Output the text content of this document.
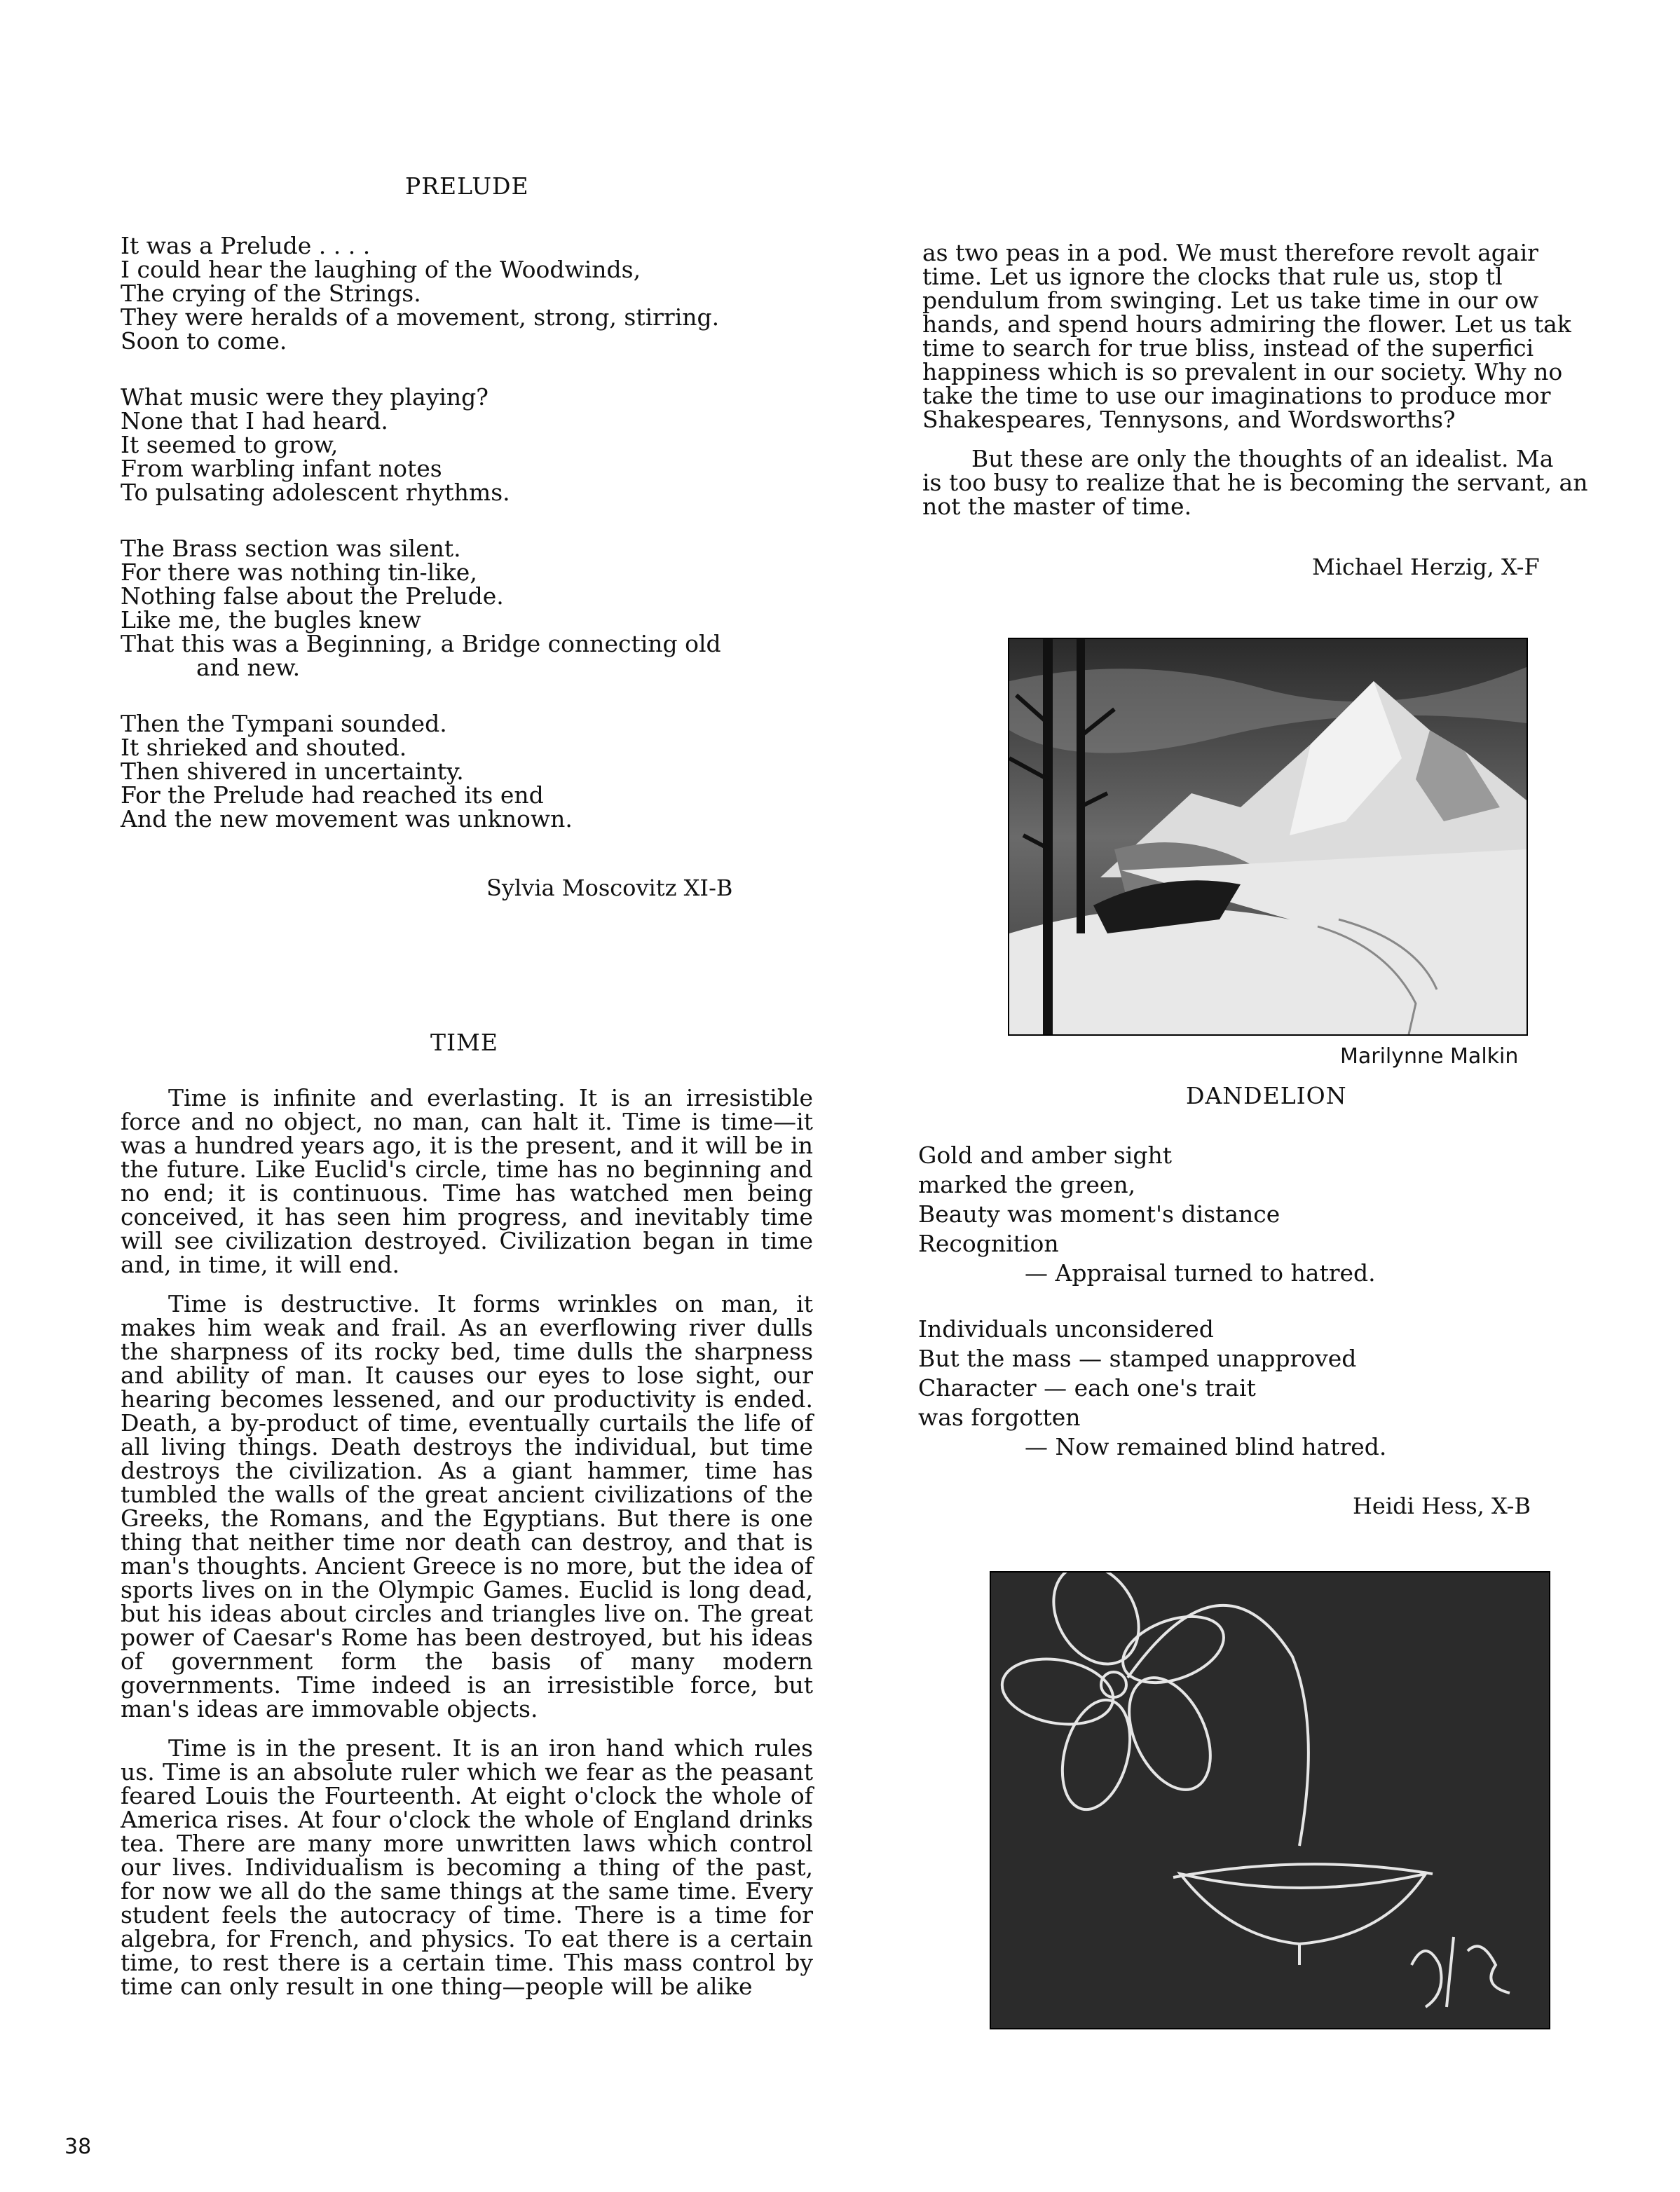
PRELUDE
It was a Prelude . . . .
I could hear the laughing of the Woodwinds,
The crying of the Strings.
They were heralds of a movement, strong, stirring.
Soon to come.
What music were they playing?
None that I had heard.
It seemed to grow,
From warbling infant notes
To pulsating adolescent rhythms.
The Brass section was silent.
For there was nothing tin-like,
Nothing false about the Prelude.
Like me, the bugles knew
That this was a Beginning, a Bridge connecting old
and new.
Then the Tympani sounded.
It shrieked and shouted.
Then shivered in uncertainty.
For the Prelude had reached its end
And the new movement was unknown.
Sylvia Moscovitz XI-B
TIME

Time is infinite and everlasting. It is an irresistible force and no object, no man, can halt it. Time is time—it was a hundred years ago, it is the present, and it will be in the future. Like Euclid's circle, time has no beginning and no end; it is continuous. Time has watched men being conceived, it has seen him progress, and inevitably time will see civilization destroyed. Civilization began in time and, in time, it will end.

Time is destructive. It forms wrinkles on man, it makes him weak and frail. As an everflowing river dulls the sharpness of its rocky bed, time dulls the sharpness and ability of man. It causes our eyes to lose sight, our hearing becomes lessened, and our productivity is ended. Death, a by-product of time, eventually curtails the life of all living things. Death destroys the individual, but time destroys the civilization. As a giant hammer, time has tumbled the walls of the great ancient civilizations of the Greeks, the Romans, and the Egyptians. But there is one thing that neither time nor death can destroy, and that is man's thoughts. Ancient Greece is no more, but the idea of sports lives on in the Olympic Games. Euclid is long dead, but his ideas about circles and triangles live on. The great power of Caesar's Rome has been destroyed, but his ideas of government form the basis of many modern governments. Time indeed is an irresistible force, but man's ideas are immovable objects.

Time is in the present. It is an iron hand which rules us. Time is an absolute ruler which we fear as the peasant feared Louis the Fourteenth. At eight o'clock the whole of America rises. At four o'clock the whole of England drinks tea. There are many more unwritten laws which control our lives. Individualism is becoming a thing of the past, for now we all do the same things at the same time. Every student feels the autocracy of time. There is a time for algebra, for French, and physics. To eat there is a certain time, to rest there is a certain time. This mass control by time can only result in one thing—people will be alike

as two peas in a pod. We must therefore revolt agair
time. Let us ignore the clocks that rule us, stop tl
pendulum from swinging. Let us take time in our ow
hands, and spend hours admiring the flower. Let us tak
time to search for true bliss, instead of the superfici
happiness which is so prevalent in our society. Why no
take the time to use our imaginations to produce mor
Shakespeares, Tennysons, and Wordsworths?
But these are only the thoughts of an idealist. Ma
is too busy to realize that he is becoming the servant, an
not the master of time.
Michael Herzig, X-F
Marilynne Malkin
DANDELION
Gold and amber sight
marked the green,
Beauty was moment's distance
Recognition
— Appraisal turned to hatred.
Individuals unconsidered
But the mass — stamped unapproved
Character — each one's trait
was forgotten
— Now remained blind hatred.
Heidi Hess, X-B
38
